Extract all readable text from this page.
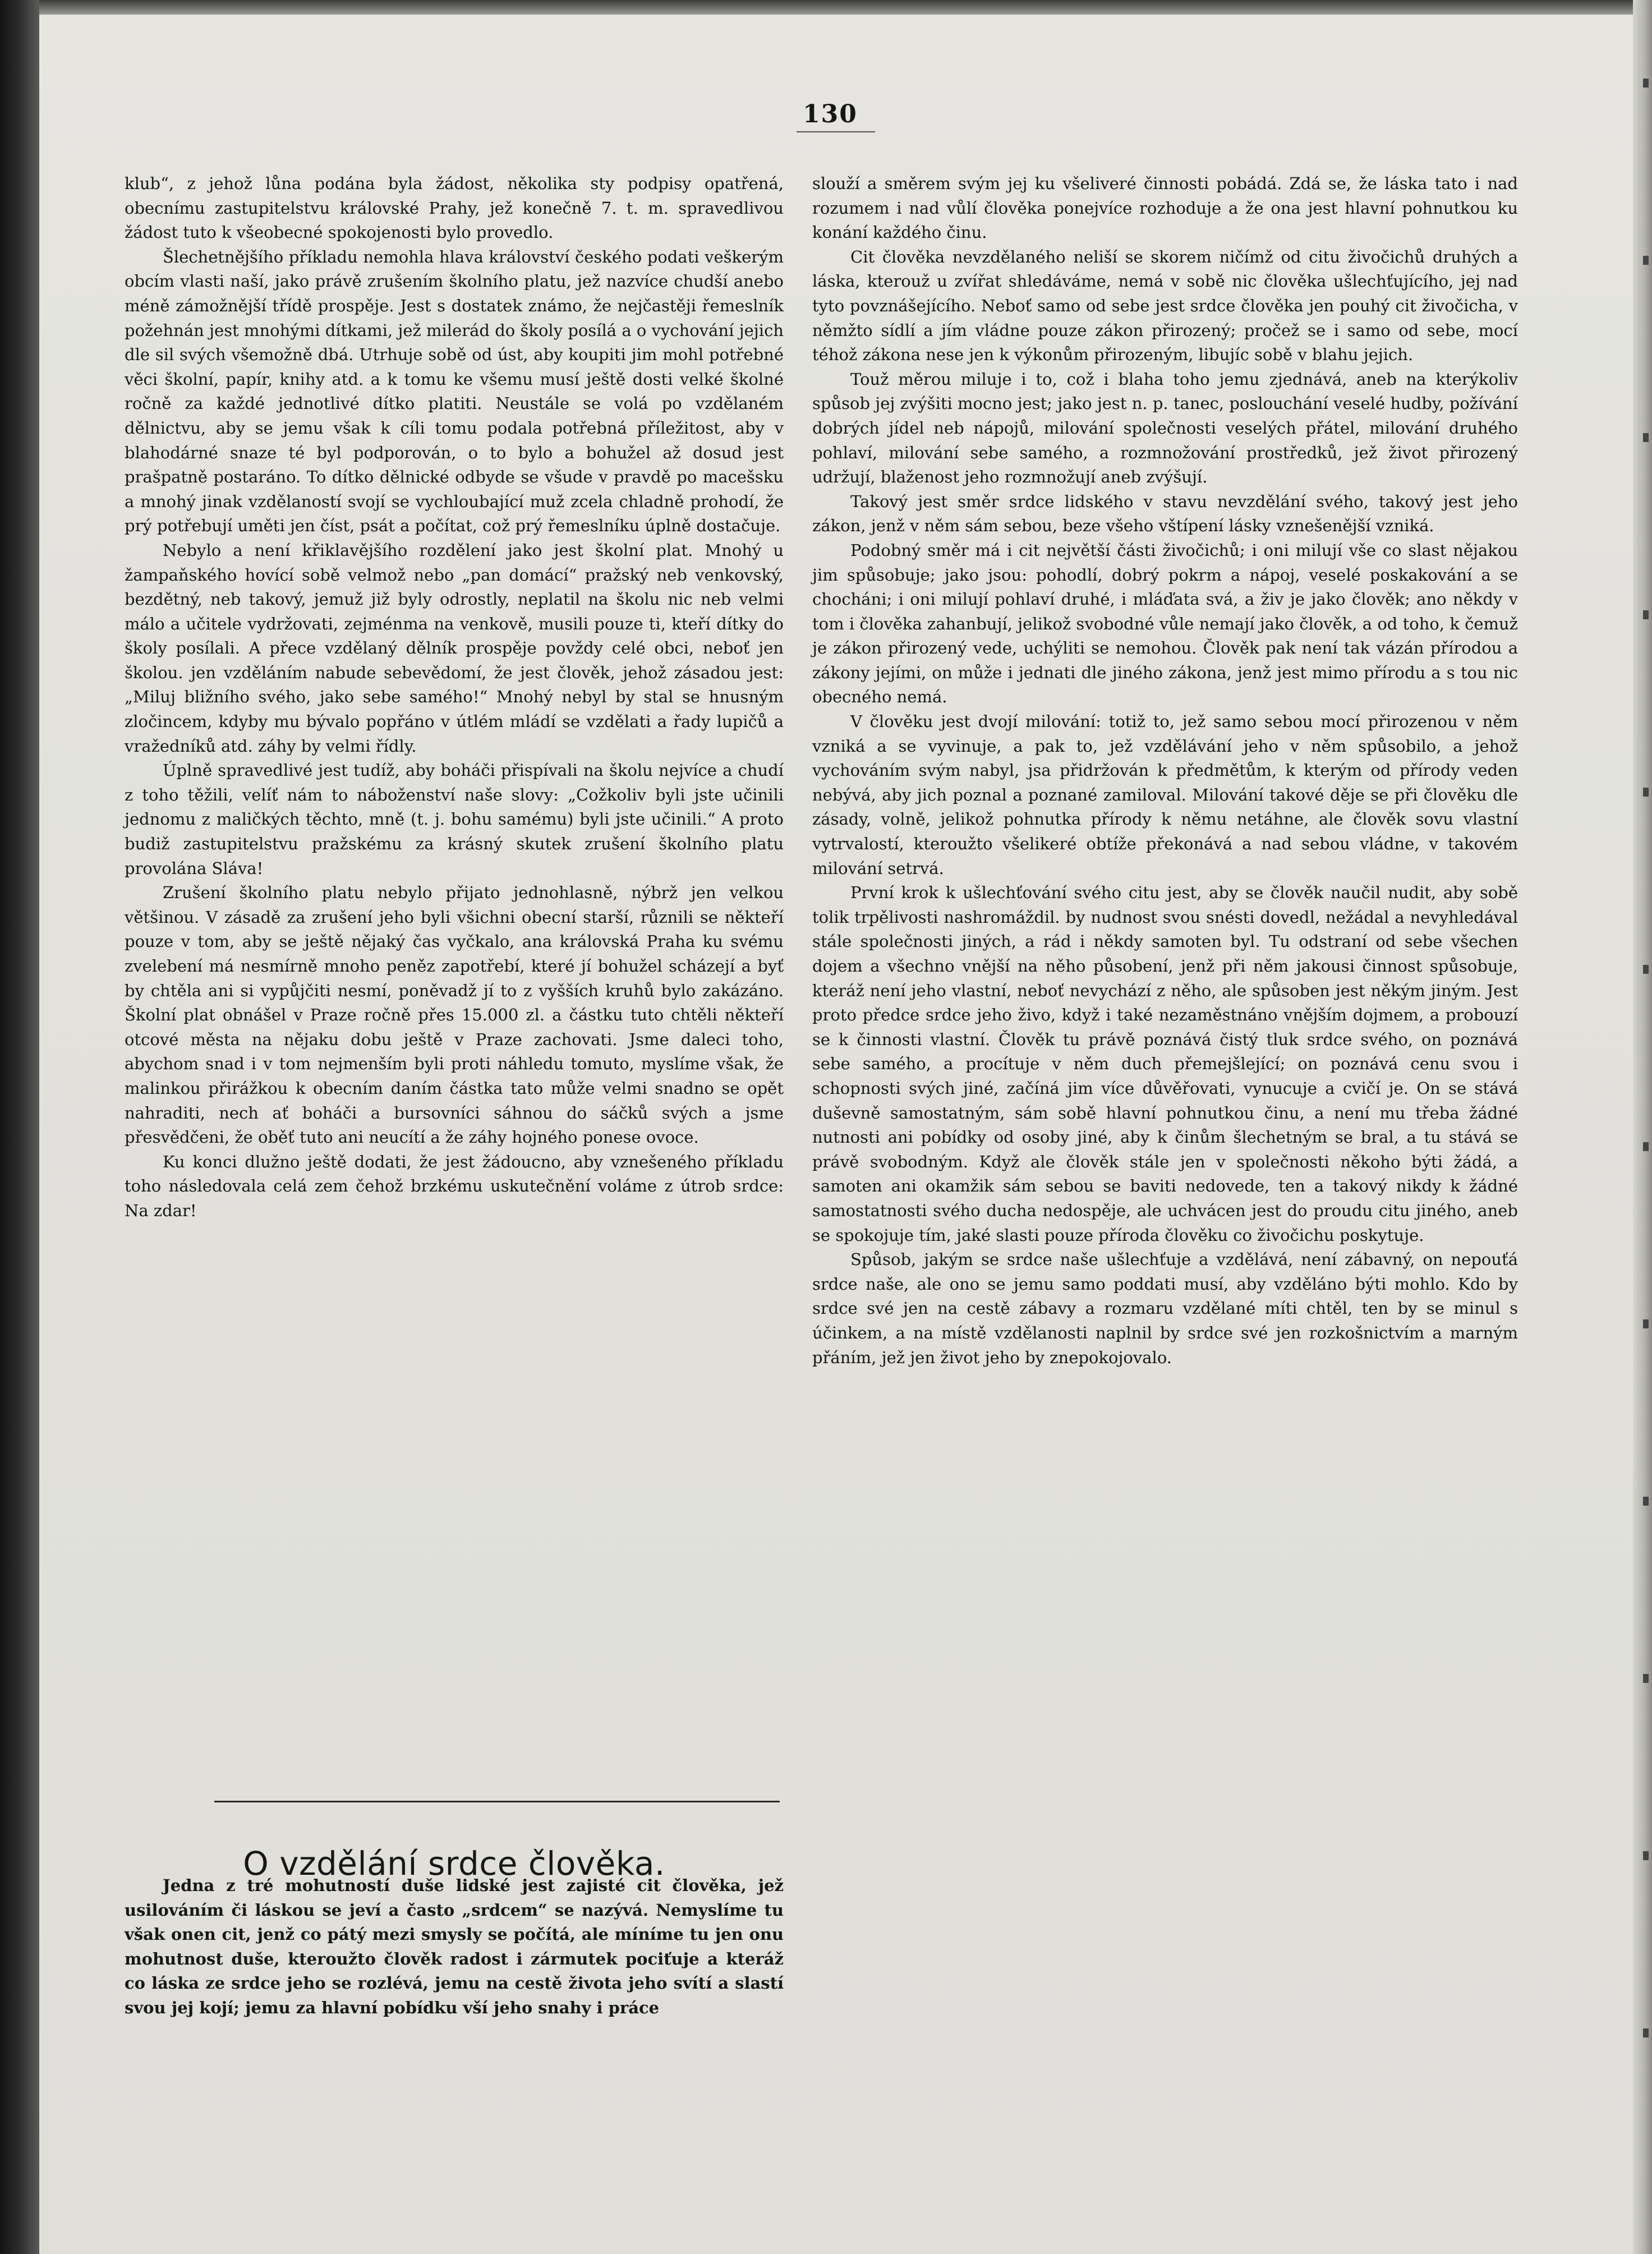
130

klub“, z jehož lůna podána byla žádost, několika sty podpisy opatřená, obecnímu zastupitelstvu královské Prahy, jež konečně 7. t. m. spravedlivou žádost tuto k všeobecné spokojenosti bylo provedlo.

Šlechetnějšího příkladu nemohla hlava království českého podati veškerým obcím vlasti naší, jako právě zrušením školního platu, jež nazvíce chudší anebo méně zámožnější třídě prospěje. Jest s dostatek známo, že nejčastěji řemeslník požehnán jest mnohými dítkami, jež milerád do školy posílá a o vychování jejich dle sil svých všemožně dbá. Utrhuje sobě od úst, aby koupiti jim mohl potřebné věci školní, papír, knihy atd. a k tomu ke všemu musí ještě dosti velké školné ročně za každé jednotlivé dítko platiti. Neustále se volá po vzdělaném dělnictvu, aby se jemu však k cíli tomu podala potřebná příležitost, aby v blahodárné snaze té byl podporován, o to bylo a bohužel až dosud jest prašpatně postaráno. To dítko dělnické odbyde se všude v pravdě po macešsku a mnohý jinak vzdělaností svojí se vychloubající muž zcela chladně prohodí, že prý potřebují uměti jen číst, psát a počítat, což prý řemeslníku úplně dostačuje.

Nebylo a není křiklavějšího rozdělení jako jest školní plat. Mnohý u žampaňského hovící sobě velmož nebo „pan domácí“ pražský neb venkovský, bezdětný, neb takový, jemuž již byly odrostly, neplatil na školu nic neb velmi málo a učitele vydržovati, zejménma na venkově, musili pouze ti, kteří dítky do školy posílali. A přece vzdělaný dělník prospěje povždy celé obci, neboť jen školou. jen vzděláním nabude sebevědomí, že jest člověk, jehož zásadou jest: „Miluj bližního svého, jako sebe samého!“ Mnohý nebyl by stal se hnusným zločincem, kdyby mu bývalo popřáno v útlém mládí se vzdělati a řady lupičů a vražedníků atd. záhy by velmi řídly.

Úplně spravedlivé jest tudíž, aby boháči přispívali na školu nejvíce a chudí z toho těžili, velíť nám to náboženství naše slovy: „Cožkoliv byli jste učinili jednomu z maličkých těchto, mně (t. j. bohu samému) byli jste učinili.“ A proto budiž zastupitelstvu pražskému za krásný skutek zrušení školního platu provolána Sláva!

Zrušení školního platu nebylo přijato jednohlasně, nýbrž jen velkou většinou. V zásadě za zrušení jeho byli všichni obecní starší, různili se někteří pouze v tom, aby se ještě nějaký čas vyčkalo, ana královská Praha ku svému zvelebení má nesmírně mnoho peněz zapotřebí, které jí bohužel scházejí a byť by chtěla ani si vypůjčiti nesmí, poněvadž jí to z vyšších kruhů bylo zakázáno. Školní plat obnášel v Praze ročně přes 15.000 zl. a částku tuto chtěli někteří otcové města na nějaku dobu ještě v Praze zachovati. Jsme daleci toho, abychom snad i v tom nejmenším byli proti náhledu tomuto, myslíme však, že malinkou přirážkou k obecním daním částka tato může velmi snadno se opět nahraditi, nech ať boháči a bursovníci sáhnou do sáčků svých a jsme přesvědčeni, že oběť tuto ani neucítí a že záhy hojného ponese ovoce.

Ku konci dlužno ještě dodati, že jest žádoucno, aby vznešeného příkladu toho následovala celá zem čehož brzkému uskutečnění voláme z útrob srdce: Na zdar!

O vzdělání srdce člověka.

Jedna z tré mohutností duše lidské jest zajisté cit člověka, jež usilováním či láskou se jeví a často „srdcem“ se nazývá. Nemyslíme tu však onen cit, jenž co pátý mezi smysly se počítá, ale míníme tu jen onu mohutnost duše, kteroužto člověk radost i zármutek pociťuje a kteráž co láska ze srdce jeho se rozlévá, jemu na cestě života jeho svítí a slastí svou jej kojí; jemu za hlavní pobídku vší jeho snahy i práce

slouží a směrem svým jej ku všeliveré činnosti pobádá. Zdá se, že láska tato i nad rozumem i nad vůlí člověka ponejvíce rozhoduje a že ona jest hlavní pohnutkou ku konání každého činu.

Cit člověka nevzdělaného neliší se skorem ničímž od citu živočichů druhých a láska, kterouž u zvířat shledáváme, nemá v sobě nic člověka ušlechťujícího, jej nad tyto povznášejícího. Neboť samo od sebe jest srdce člověka jen pouhý cit živočicha, v němžto sídlí a jím vládne pouze zákon přirozený; pročež se i samo od sebe, mocí téhož zákona nese jen k výkonům přirozeným, libujíc sobě v blahu jejich.

Touž měrou miluje i to, což i blaha toho jemu zjednává, aneb na kterýkoliv spůsob jej zvýšiti mocno jest; jako jest n. p. tanec, poslouchání veselé hudby, požívání dobrých jídel neb nápojů, milování společnosti veselých přátel, milování druhého pohlaví, milování sebe samého, a rozmnožování prostředků, jež život přirozený udržují, blaženost jeho rozmnožují aneb zvýšují.

Takový jest směr srdce lidského v stavu nevzdělání svého, takový jest jeho zákon, jenž v něm sám sebou, beze všeho vštípení lásky vznešenější vzniká.

Podobný směr má i cit největší části živočichů; i oni milují vše co slast nějakou jim spůsobuje; jako jsou: pohodlí, dobrý pokrm a nápoj, veselé poskakování a se chocháni; i oni milují pohlaví druhé, i mláďata svá, a živ je jako člověk; ano někdy v tom i člověka zahanbují, jelikož svobodné vůle nemají jako člověk, a od toho, k čemuž je zákon přirozený vede, uchýliti se nemohou. Člověk pak není tak vázán přírodou a zákony jejími, on může i jednati dle jiného zákona, jenž jest mimo přírodu a s tou nic obecného nemá.

V člověku jest dvojí milování: totiž to, jež samo sebou mocí přirozenou v něm vzniká a se vyvinuje, a pak to, jež vzdělávání jeho v něm spůsobilo, a jehož vychováním svým nabyl, jsa přidržován k předmětům, k kterým od přírody veden nebývá, aby jich poznal a poznané zamiloval. Milování takové děje se při člověku dle zásady, volně, jelikož pohnutka přírody k němu netáhne, ale člověk sovu vlastní vytrvalostí, kteroužto všelikeré obtíže překonává a nad sebou vládne, v takovém milování setrvá.

První krok k ušlechťování svého citu jest, aby se člověk naučil nudit, aby sobě tolik trpělivosti nashromáždil. by nudnost svou snésti dovedl, nežádal a nevyhledával stále společnosti jiných, a rád i někdy samoten byl. Tu odstraní od sebe všechen dojem a všechno vnější na něho působení, jenž při něm jakousi činnost spůsobuje, kteráž není jeho vlastní, neboť nevychází z něho, ale spůsoben jest někým jiným. Jest proto předce srdce jeho živo, když i také nezaměstnáno vnějším dojmem, a probouzí se k činnosti vlastní. Člověk tu právě poznává čistý tluk srdce svého, on poznává sebe samého, a procítuje v něm duch přemejšlející; on poznává cenu svou i schopnosti svých jiné, začíná jim více důvěřovati, vynucuje a cvičí je. On se stává duševně samostatným, sám sobě hlavní pohnutkou činu, a není mu třeba žádné nutnosti ani pobídky od osoby jiné, aby k činům šlechetným se bral, a tu stává se právě svobodným. Když ale člověk stále jen v společnosti někoho býti žádá, a samoten ani okamžik sám sebou se baviti nedovede, ten a takový nikdy k žádné samostatnosti svého ducha nedospěje, ale uchvácen jest do proudu citu jiného, aneb se spokojuje tím, jaké slasti pouze příroda člověku co živočichu poskytuje.

Spůsob, jakým se srdce naše ušlechťuje a vzdělává, není zábavný, on nepouťá srdce naše, ale ono se jemu samo poddati musí, aby vzděláno býti mohlo. Kdo by srdce své jen na cestě zábavy a rozmaru vzdělané míti chtěl, ten by se minul s účinkem, a na místě vzdělanosti naplnil by srdce své jen rozkošnictvím a marným přáním, jež jen život jeho by znepokojovalo.
